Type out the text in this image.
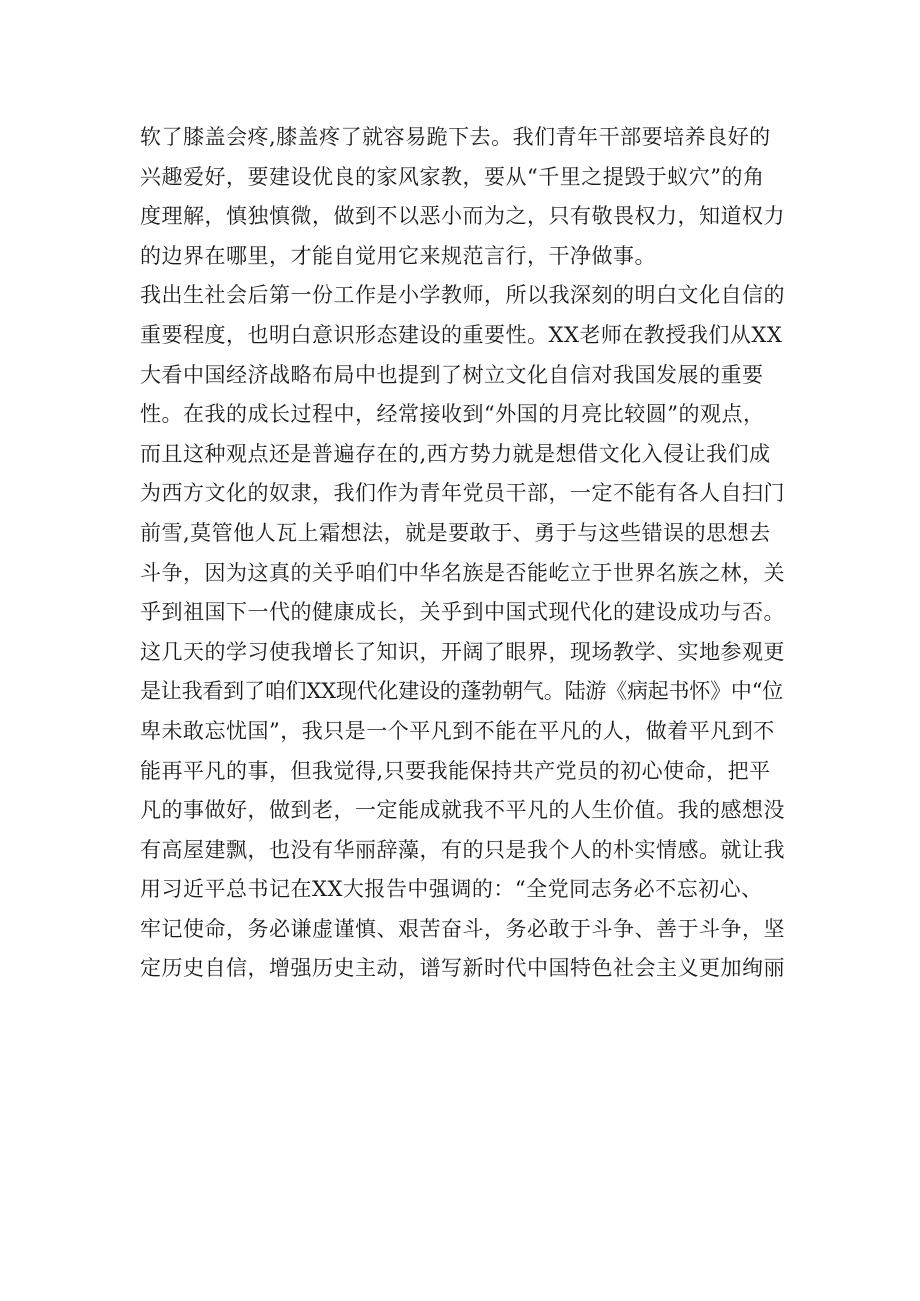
软了膝盖会疼,膝盖疼了就容易跪下去。我们青年干部要培养良好的
兴趣爱好，要建设优良的家风家教，要从“千里之提毁于蚁穴”的角
度理解，慎独慎微，做到不以恶小而为之，只有敬畏权力，知道权力
的边界在哪里，才能自觉用它来规范言行，干净做事。
我出生社会后第一份工作是小学教师，所以我深刻的明白文化自信的
重要程度，也明白意识形态建设的重要性。XX老师在教授我们从XX
大看中国经济战略布局中也提到了树立文化自信对我国发展的重要
性。在我的成长过程中，经常接收到“外国的月亮比较圆”的观点，
而且这种观点还是普遍存在的,西方势力就是想借文化入侵让我们成
为西方文化的奴隶，我们作为青年党员干部，一定不能有各人自扫门
前雪,莫管他人瓦上霜想法，就是要敢于、勇于与这些错误的思想去
斗争，因为这真的关乎咱们中华名族是否能屹立于世界名族之林，关
乎到祖国下一代的健康成长，关乎到中国式现代化的建设成功与否。
这几天的学习使我增长了知识，开阔了眼界，现场教学、实地参观更
是让我看到了咱们XX现代化建设的蓬勃朝气。陆游《病起书怀》中“位
卑未敢忘忧国”，我只是一个平凡到不能在平凡的人，做着平凡到不
能再平凡的事，但我觉得,只要我能保持共产党员的初心使命，把平
凡的事做好，做到老，一定能成就我不平凡的人生价值。我的感想没
有高屋建飘，也没有华丽辞藻，有的只是我个人的朴实情感。就让我
用习近平总书记在XX大报告中强调的：“全党同志务必不忘初心、
牢记使命，务必谦虚谨慎、艰苦奋斗，务必敢于斗争、善于斗争，坚
定历史自信，增强历史主动，谱写新时代中国特色社会主义更加绚丽
